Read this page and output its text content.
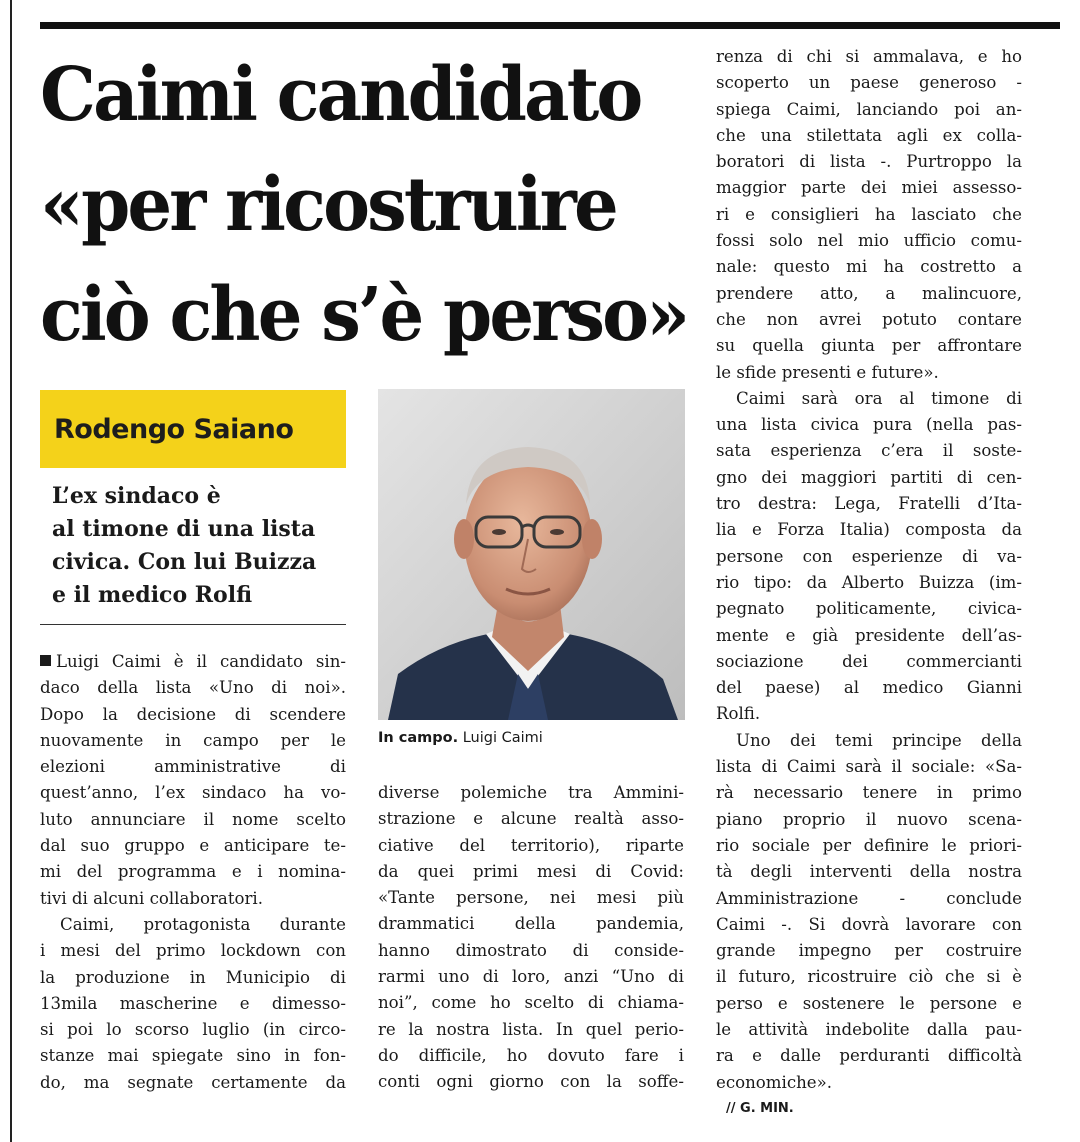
Caimi candidato
«per ricostruire
ciò che s’è perso»
Rodengo Saiano
L’ex sindaco è
al timone di una lista
civica. Con lui Buizza
e il medico Rolfi
In campo. Luigi Caimi
Luigi Caimi è il candidato sin-
daco della lista «Uno di noi».
Dopo la decisione di scendere
nuovamente in campo per le
elezioni amministrative di
quest’anno, l’ex sindaco ha vo-
luto annunciare il nome scelto
dal suo gruppo e anticipare te-
mi del programma e i nomina-
tivi di alcuni collaboratori.
Caimi, protagonista durante
i mesi del primo lockdown con
la produzione in Municipio di
13mila mascherine e dimesso-
si poi lo scorso luglio (in circo-
stanze mai spiegate sino in fon-
do, ma segnate certamente da
diverse polemiche tra Ammini-
strazione e alcune realtà asso-
ciative del territorio), riparte
da quei primi mesi di Covid:
«Tante persone, nei mesi più
drammatici della pandemia,
hanno dimostrato di conside-
rarmi uno di loro, anzi “Uno di
noi”, come ho scelto di chiama-
re la nostra lista. In quel perio-
do difficile, ho dovuto fare i
conti ogni giorno con la soffe-
renza di chi si ammalava, e ho
scoperto un paese generoso -
spiega Caimi, lanciando poi an-
che una stilettata agli ex colla-
boratori di lista -. Purtroppo la
maggior parte dei miei assesso-
ri e consiglieri ha lasciato che
fossi solo nel mio ufficio comu-
nale: questo mi ha costretto a
prendere atto, a malincuore,
che non avrei potuto contare
su quella giunta per affrontare
le sfide presenti e future».
Caimi sarà ora al timone di
una lista civica pura (nella pas-
sata esperienza c’era il soste-
gno dei maggiori partiti di cen-
tro destra: Lega, Fratelli d’Ita-
lia e Forza Italia) composta da
persone con esperienze di va-
rio tipo: da Alberto Buizza (im-
pegnato politicamente, civica-
mente e già presidente dell’as-
sociazione dei commercianti
del paese) al medico Gianni
Rolfi.
Uno dei temi principe della
lista di Caimi sarà il sociale: «Sa-
rà necessario tenere in primo
piano proprio il nuovo scena-
rio sociale per definire le priori-
tà degli interventi della nostra
Amministrazione - conclude
Caimi -. Si dovrà lavorare con
grande impegno per costruire
il futuro, ricostruire ciò che si è
perso e sostenere le persone e
le attività indebolite dalla pau-
ra e dalle perduranti difficoltà
economiche».
// G. MIN.
